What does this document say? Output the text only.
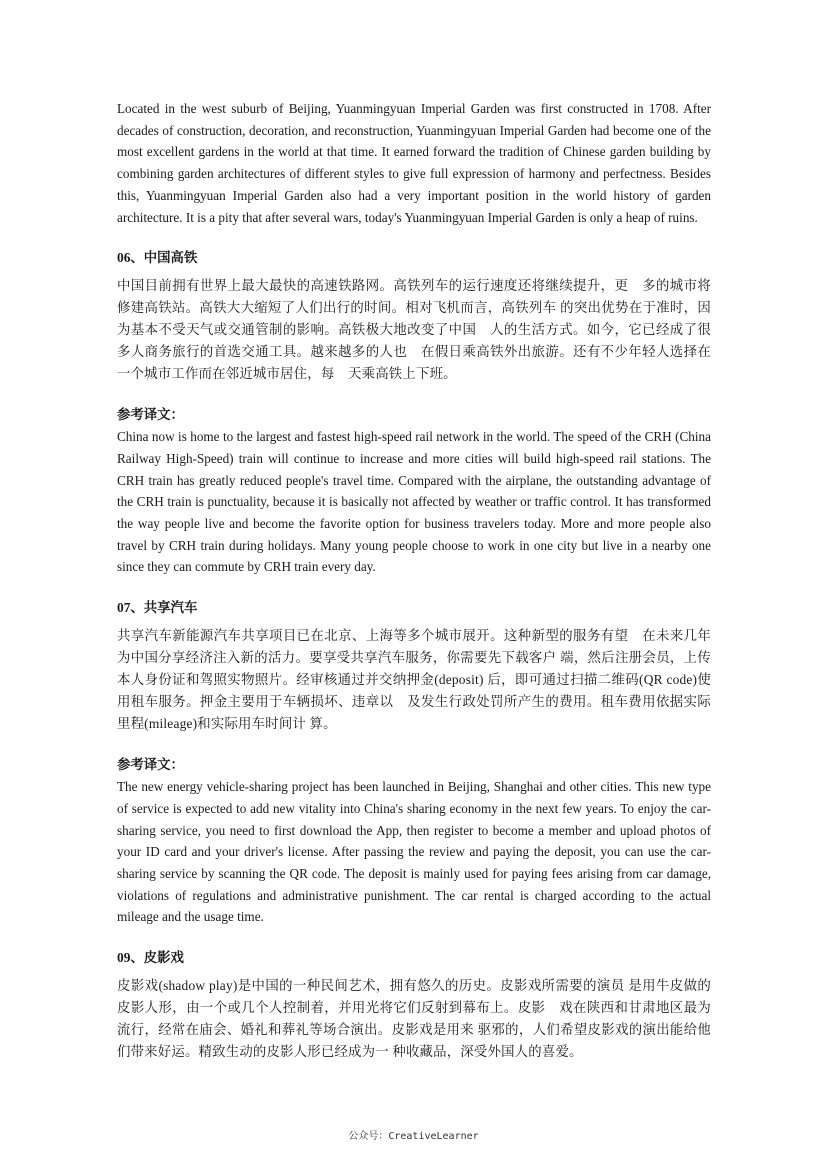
Located in the west suburb of Beijing, Yuanmingyuan Imperial Garden was first constructed in 1708. After decades of construction, decoration, and reconstruction, Yuanmingyuan Imperial Garden had become one of the most excellent gardens in the world at that time. It earned forward the tradition of Chinese garden building by combining garden architectures of different styles to give full expression of harmony and perfectness. Besides this, Yuanmingyuan Imperial Garden also had a very important position in the world history of garden architecture. It is a pity that after several wars, today's Yuanmingyuan Imperial Garden is only a heap of ruins.

06、中国高铁

中国目前拥有世界上最大最快的高速铁路网。高铁列车的运行速度还将继续提升，更　多的城市将修建高铁站。高铁大大缩短了人们出行的时间。相对飞机而言，高铁列车 的突出优势在于准时，因为基本不受天气或交通管制的影响。高铁极大地改变了中国　人的生活方式。如今，它已经成了很多人商务旅行的首选交通工具。越来越多的人也　在假日乘高铁外出旅游。还有不少年轻人选择在一个城市工作而在邻近城市居住，每　天乘高铁上下班。

参考译文：

China now is home to the largest and fastest high-speed rail network in the world. The speed of the CRH (China Railway High-Speed) train will continue to increase and more cities will build high-speed rail stations. The CRH train has greatly reduced people's travel time. Compared with the airplane, the outstanding advantage of the CRH train is punctuality, because it is basically not affected by weather or traffic control. It has transformed the way people live and become the favorite option for business travelers today. More and more people also travel by CRH train during holidays. Many young people choose to work in one city but live in a nearby one since they can commute by CRH train every day.

07、共享汽车

共享汽车新能源汽车共享项目已在北京、上海等多个城市展开。这种新型的服务有望　在未来几年为中国分享经济注入新的活力。要享受共享汽车服务，你需要先下载客户 端，然后注册会员，上传本人身份证和驾照实物照片。经审核通过并交纳押金(deposit) 后，即可通过扫描二维码(QR code)使用租车服务。押金主要用于车辆损坏、违章以　及发生行政处罚所产生的费用。租车费用依据实际里程(mileage)和实际用车时间计 算。

参考译文：

The new energy vehicle-sharing project has been launched in Beijing, Shanghai and other cities. This new type of service is expected to add new vitality into China's sharing economy in the next few years. To enjoy the car-sharing service, you need to first download the App, then register to become a member and upload photos of your ID card and your driver's license. After passing the review and paying the deposit, you can use the car-sharing service by scanning the QR code. The deposit is mainly used for paying fees arising from car damage, violations of regulations and administrative punishment. The car rental is charged according to the actual mileage and the usage time.

09、皮影戏

皮影戏(shadow play)是中国的一种民间艺术，拥有悠久的历史。皮影戏所需要的演员 是用牛皮做的皮影人形，由一个或几个人控制着，并用光将它们反射到幕布上。皮影　戏在陕西和甘肃地区最为流行，经常在庙会、婚礼和葬礼等场合演出。皮影戏是用来 驱邪的，人们希望皮影戏的演出能给他们带来好运。精致生动的皮影人形已经成为一 种收藏品，深受外国人的喜爱。

公众号：CreativeLearner
